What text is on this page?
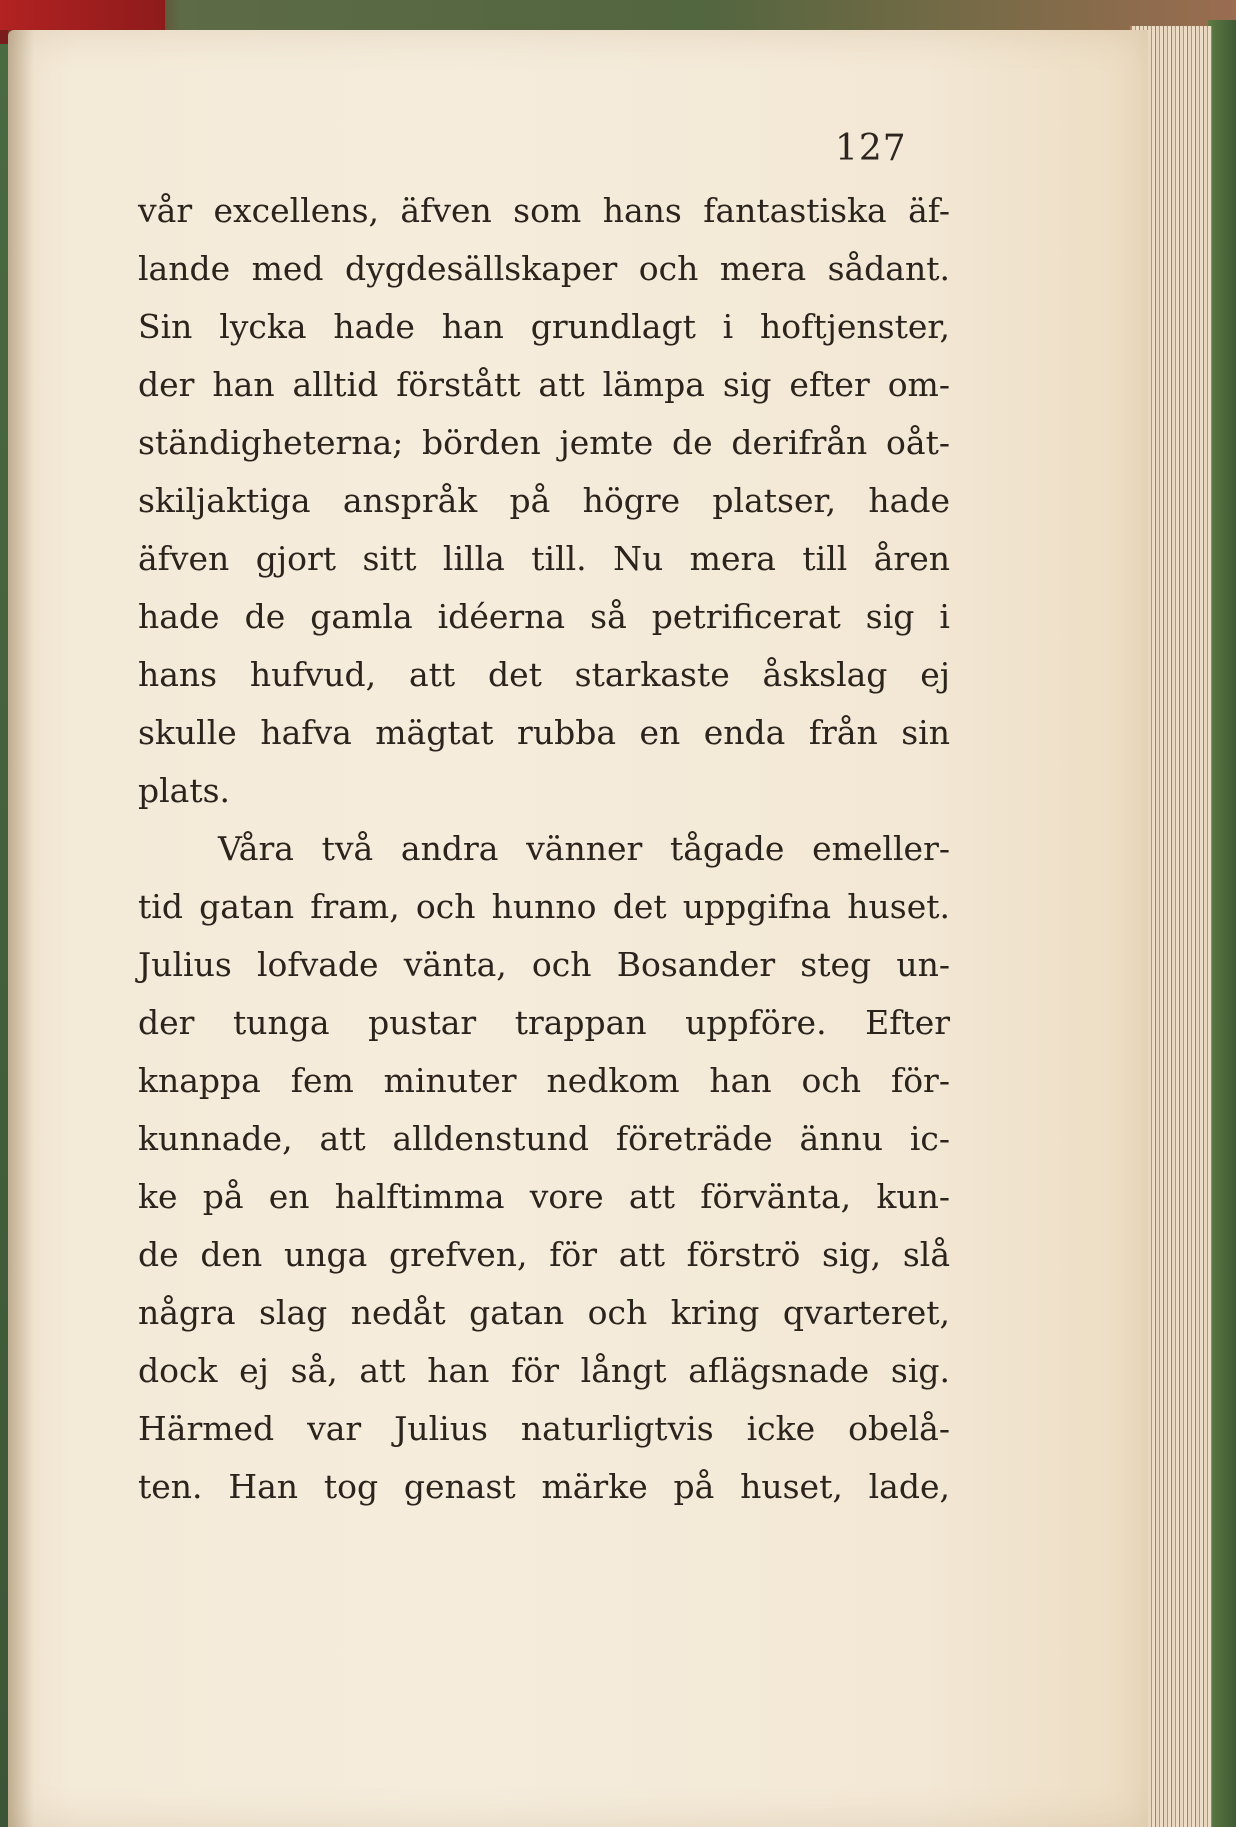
127
vår excellens, äfven som hans fantastiska äf-
lande med dygdesällskaper och mera sådant.
Sin lycka hade han grundlagt i hoftjenster,
der han alltid förstått att lämpa sig efter om-
ständigheterna; börden jemte de derifrån oåt-
skiljaktiga anspråk på högre platser, hade
äfven gjort sitt lilla till. Nu mera till åren
hade de gamla idéerna så petrificerat sig i
hans hufvud, att det starkaste åskslag ej
skulle hafva mägtat rubba en enda från sin
plats.
Våra två andra vänner tågade emeller-
tid gatan fram, och hunno det uppgifna huset.
Julius lofvade vänta, och Bosander steg un-
der tunga pustar trappan uppföre. Efter
knappa fem minuter nedkom han och för-
kunnade, att alldenstund företräde ännu ic-
ke på en halftimma vore att förvänta, kun-
de den unga grefven, för att förströ sig, slå
några slag nedåt gatan och kring qvarteret,
dock ej så, att han för långt aflägsnade sig.
Härmed var Julius naturligtvis icke obelå-
ten. Han tog genast märke på huset, lade,
